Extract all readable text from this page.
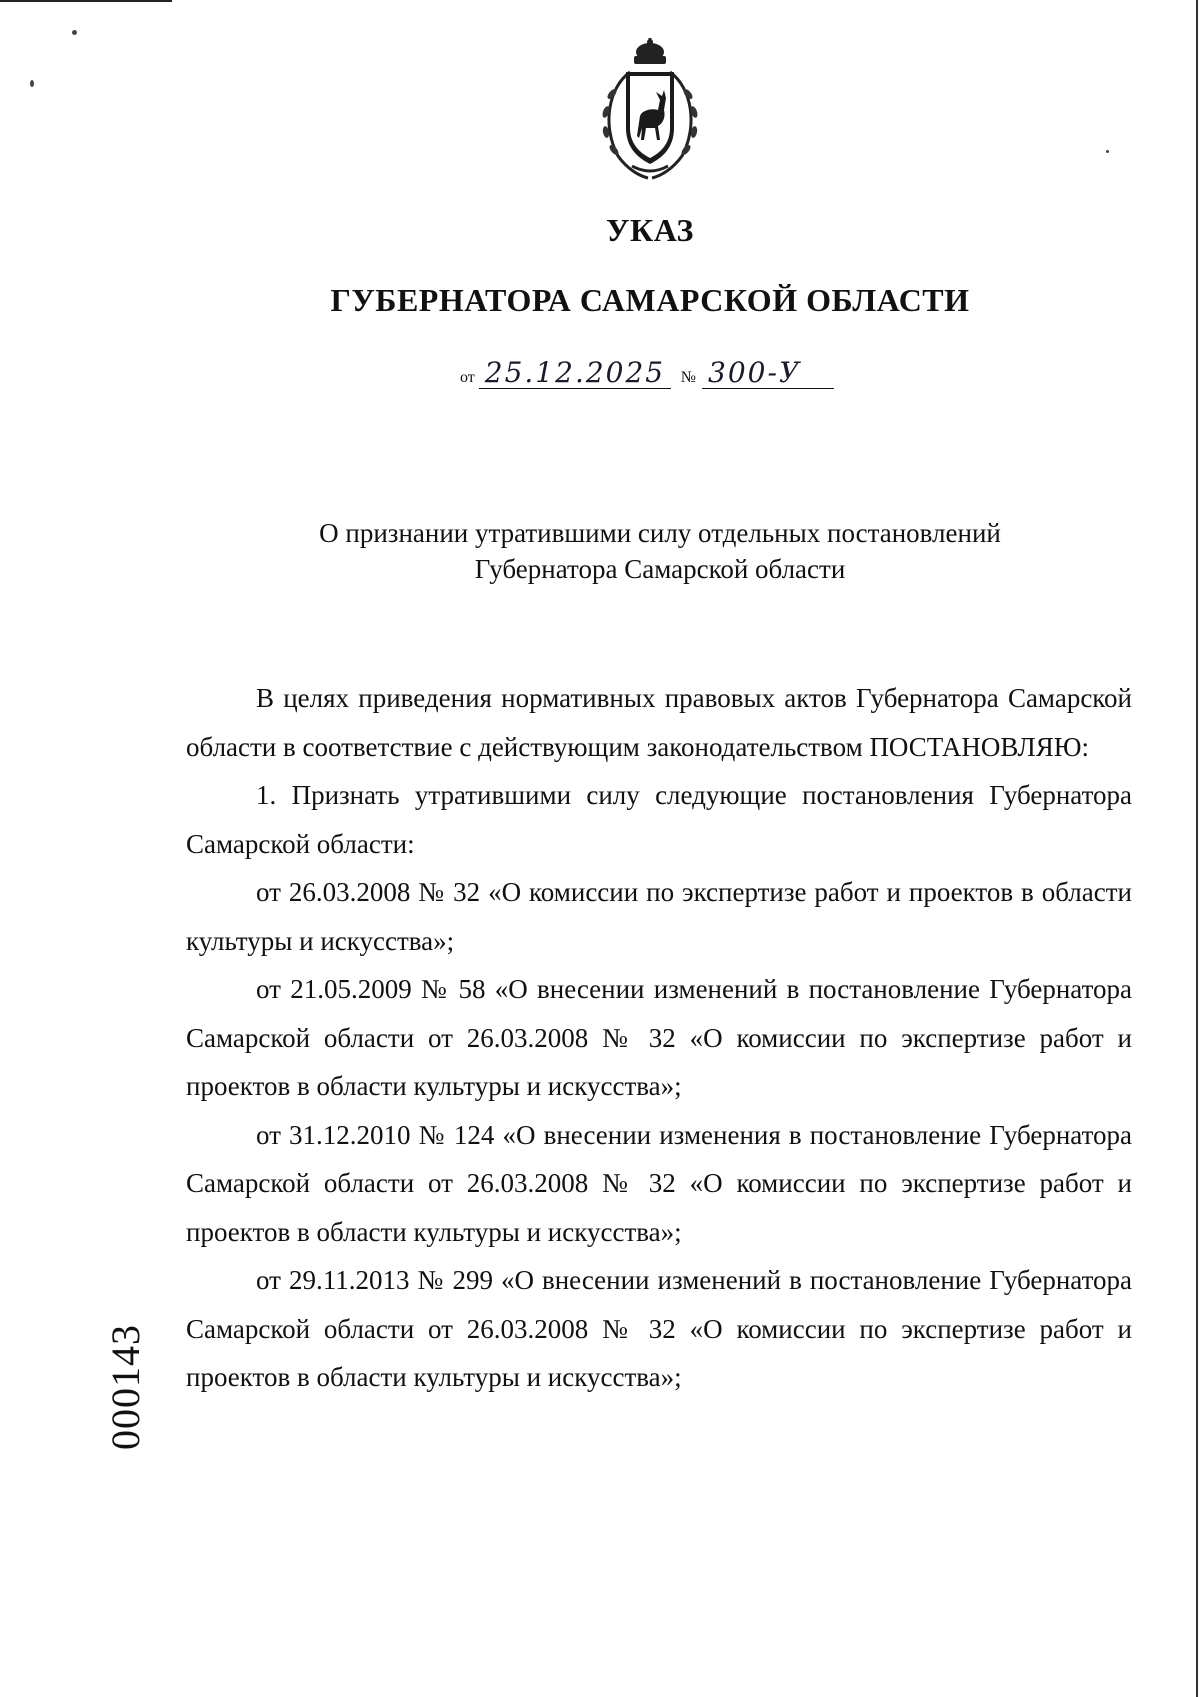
УКАЗ
ГУБЕРНАТОРА САМАРСКОЙ ОБЛАСТИ
от 25.12.2025 № 300-У
О признании утратившими силу отдельных постановлений
Губернатора Самарской области

В целях приведения нормативных правовых актов Губернатора Самарской области в соответствие с действующим законодательством ПОСТАНОВЛЯЮ:

1. Признать утратившими силу следующие постановления Губернатора Самарской области:

от 26.03.2008 № 32 «О комиссии по экспертизе работ и проектов в области культуры и искусства»;

от 21.05.2009 № 58 «О внесении изменений в постановление Губернатора Самарской области от 26.03.2008 № 32 «О комиссии по экспертизе работ и проектов в области культуры и искусства»;

от 31.12.2010 № 124 «О внесении изменения в постановление Губернатора Самарской области от 26.03.2008 № 32 «О комиссии по экспертизе работ и проектов в области культуры и искусства»;

от 29.11.2013 № 299 «О внесении изменений в постановление Губернатора Самарской области от 26.03.2008 № 32 «О комиссии по экспертизе работ и проектов в области культуры и искусства»;

000143
